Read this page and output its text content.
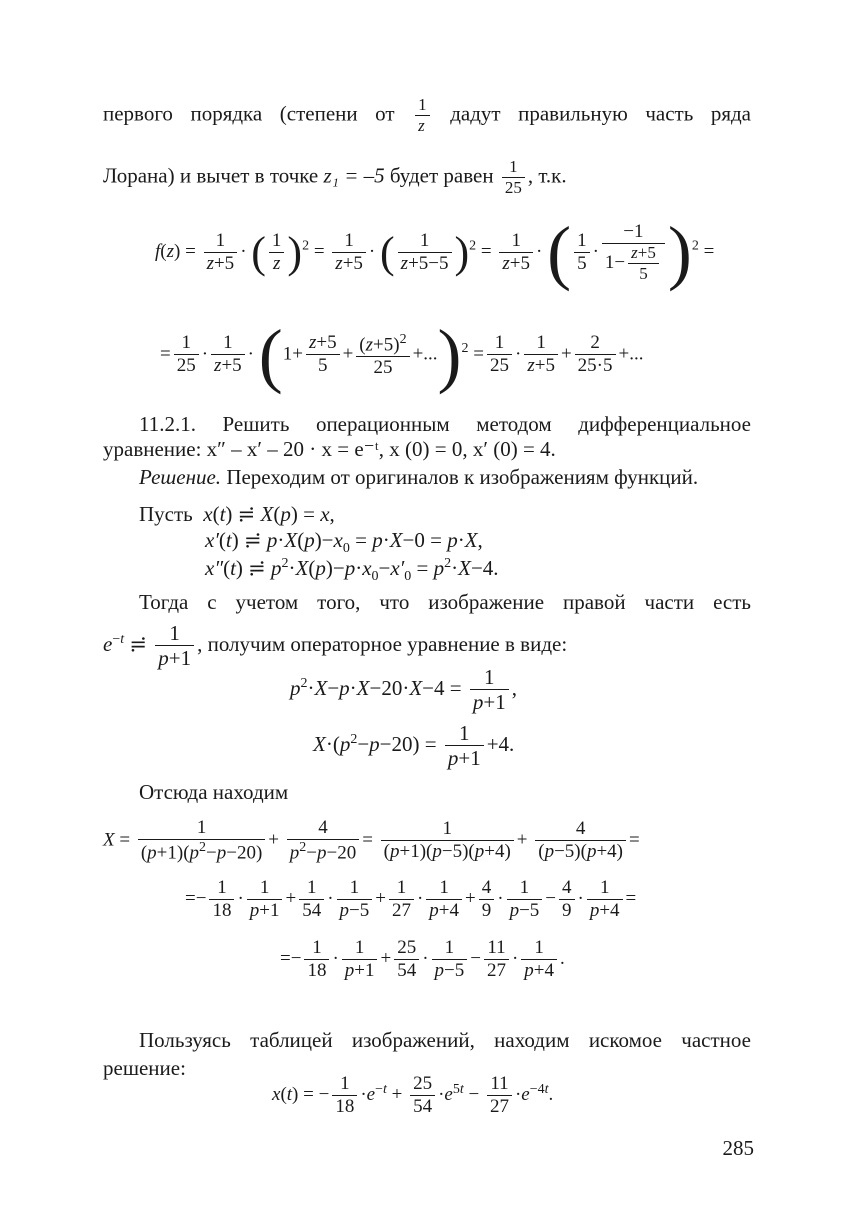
первого порядка (степени от $\frac{1}{z}$ дадут правильную часть ряда
Лорана) и вычет в точке z₁ = –5 будет равен $\frac{1}{25}$ , т.к.
$f(z) = \frac{1}{z+5}$ · ( $\frac{1}{z} )^2 = \frac{1}{z+5}$ · ( $\frac{1}{z+5-5} )^2 = \frac{1}{z+5}$ · ( $\frac{1}{5} \cdot \frac{-1}{1- \frac{z+5}{5}} )^2$ =
= $\frac{1}{25} \cdot \frac{1}{z+5} \cdot (1+ \frac{z+5}{5} + \frac{(z+5)^2}{25} +...)^2 = \frac{1}{25} \cdot \frac{1}{z+5} + \frac{2}{25\cdot 5}$ +...
11.2.1. Решить операционным методом дифференциальное
уравнение: x″ – x′ – 20 · x = e⁻ᵗ, x (0) = 0, x′ (0) = 4.
Решение. Переходим от оригиналов к изображениям функций.
Пусть  x(t) ≓ X(p) = x,
x′(t) ≓ $p\cdot X(p)-x_0 = p\cdot X-0 = p\cdot X$,
x″(t) ≓ $p^2\cdot X(p)-p\cdot x_0-x'_0 = p^2\cdot X-4$.
Тогда с учетом того, что изображение правой части есть
$e^{-t}$ ≓ $\frac{1}{p+1}$ , получим операторное уравнение в виде:
$p^2\cdot X-p\cdot X-20\cdot X-4 = \frac{1}{p+1}$ ,
$X\cdot(p^2-p-20) = \frac{1}{p+1} +4$.
Отсюда находим
$X = \frac{1}{(p+1)(p^2-p-20)} + \frac{4}{p^2-p-20} = \frac{1}{(p+1)(p-5)(p+4)} + \frac{4}{(p-5)(p+4)}$ =
=− $\frac{1}{18} \cdot \frac{1}{p+1} + \frac{1}{54} \cdot \frac{1}{p-5} + \frac{1}{27} \cdot \frac{1}{p+4} + \frac{4}{9} \cdot \frac{1}{p-5} - \frac{4}{9} \cdot \frac{1}{p+4}$ =
=− $\frac{1}{18} \cdot \frac{1}{p+1} + \frac{25}{54} \cdot \frac{1}{p-5} - \frac{11}{27} \cdot \frac{1}{p+4}$ .
Пользуясь таблицей изображений, находим искомое частное
решение:
x(t) = − $\frac{1}{18} \cdot e^{-t} + \frac{25}{54} \cdot e^{5t} - \frac{11}{27} \cdot e^{-4t}$.
285
